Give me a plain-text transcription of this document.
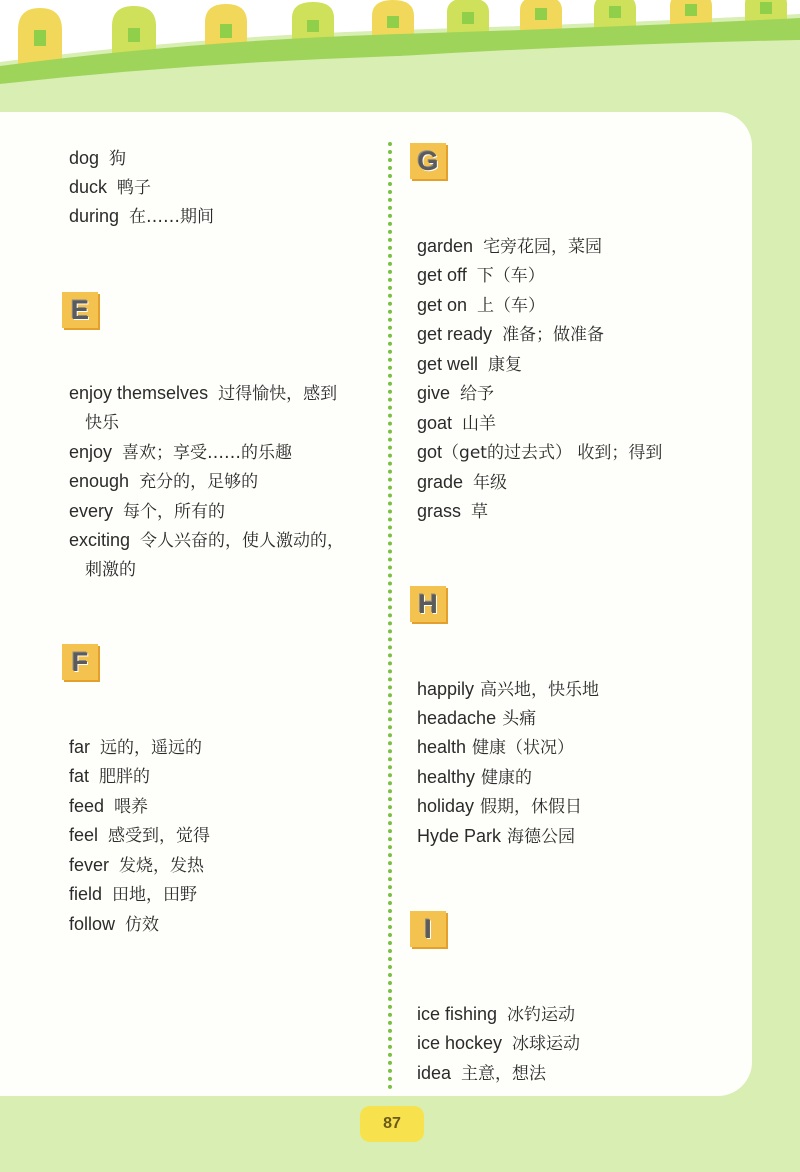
dog 狗
duck 鸭子
during 在……期间
E
enjoy themselves 过得愉快，感到
快乐
enjoy 喜欢；享受……的乐趣
enough 充分的，足够的
every 每个，所有的
exciting 令人兴奋的，使人激动的，
刺激的
F
far 远的，遥远的
fat 肥胖的
feed 喂养
feel 感受到，觉得
fever 发烧，发热
field 田地，田野
follow 仿效
G
garden 宅旁花园，菜园
get off 下（车）
get on 上（车）
get ready 准备；做准备
get well 康复
give 给予
goat 山羊
got（get的过去式） 收到；得到
grade 年级
grass 草
H
happily 高兴地，快乐地
headache 头痛
health 健康（状况）
healthy 健康的
holiday 假期，休假日
Hyde Park 海德公园
I
ice fishing 冰钓运动
ice hockey 冰球运动
idea 主意，想法
87
